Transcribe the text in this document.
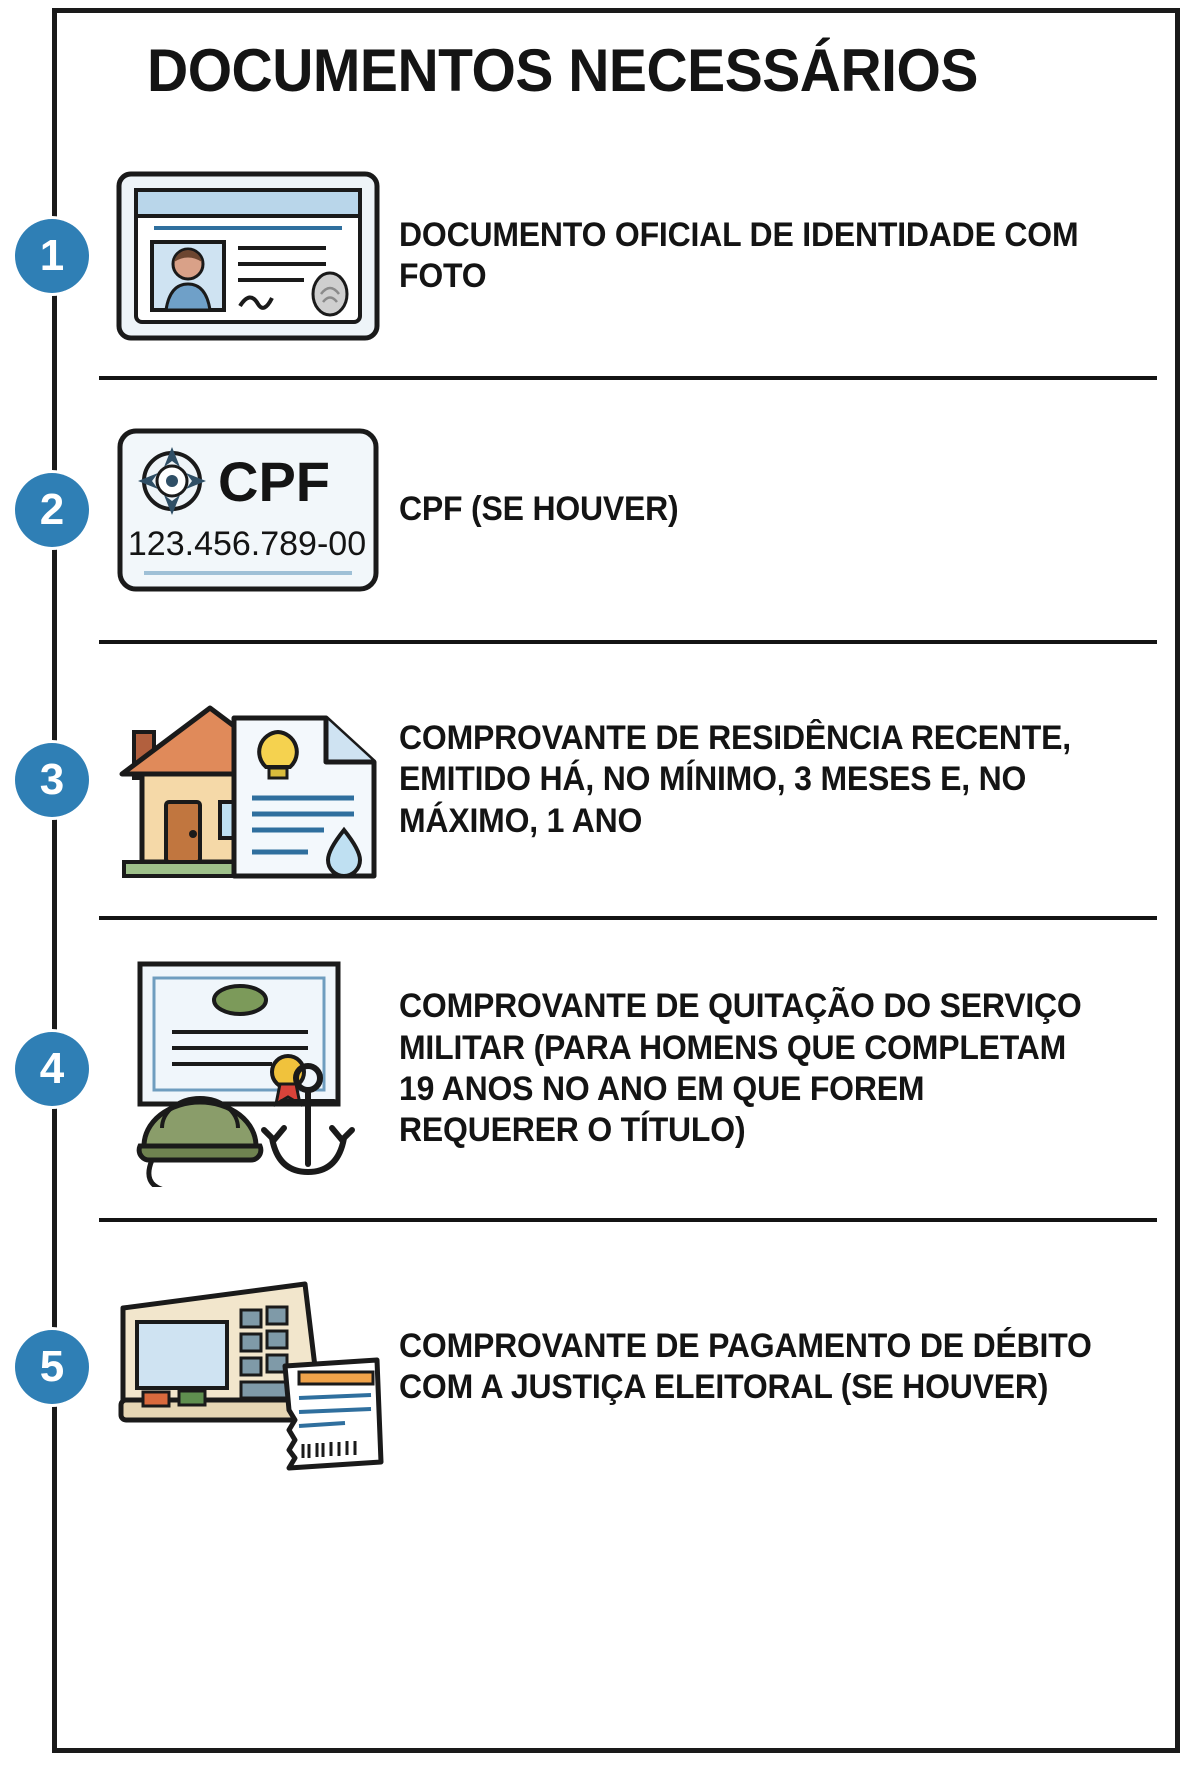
DOCUMENTOS NECESSÁRIOS
1	DOCUMENTO OFICIAL DE IDENTIDADE COM FOTO
2	CPF
123.456.789-00
CPF (SE HOUVER)
3
COMPROVANTE DE RESIDÊNCIA RECENTE, EMITIDO HÁ, NO MÍNIMO, 3 MESES E, NO MÁXIMO, 1 ANO
4
COMPROVANTE DE QUITAÇÃO DO SERVIÇO MILITAR (PARA HOMENS QUE COMPLETAM 19 ANOS NO ANO EM QUE FOREM REQUERER O TÍTULO)
5	COMPROVANTE DE PAGAMENTO DE DÉBITO COM A JUSTIÇA ELEITORAL (SE HOUVER)
